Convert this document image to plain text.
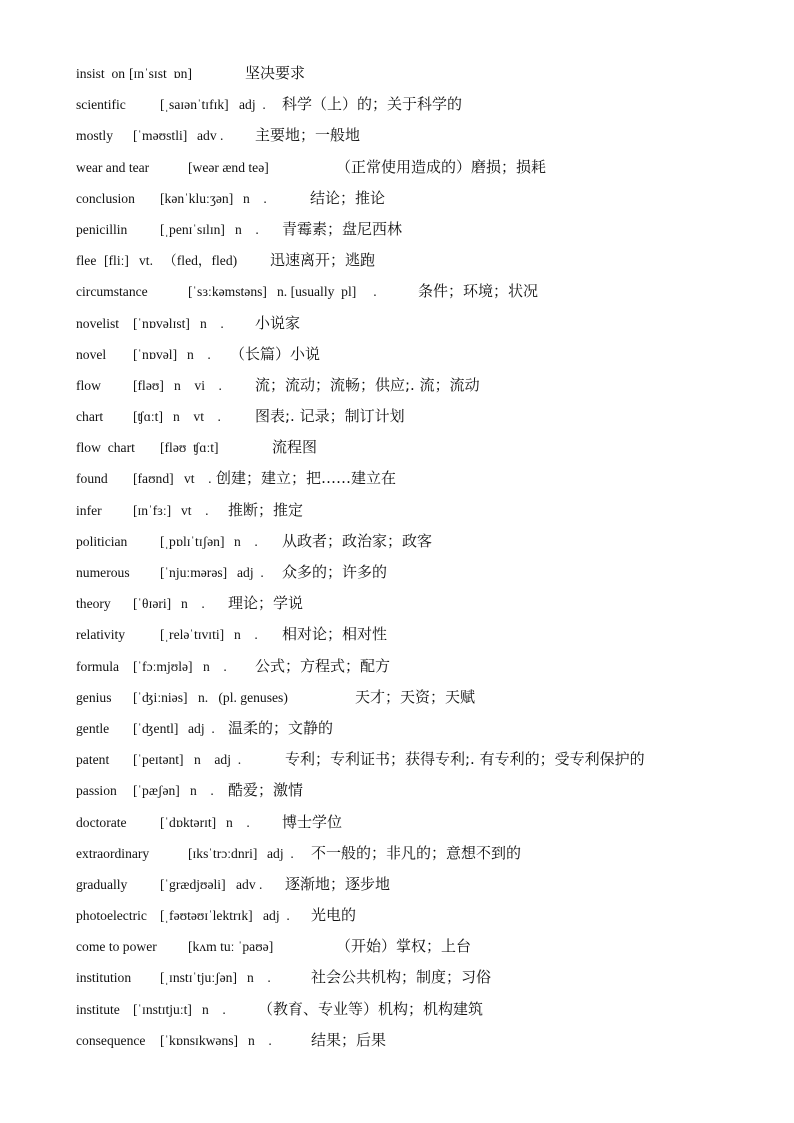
insist  on [ɪnˈsɪst  ɒn]	坚决要求
scientific	[ˌsaɪənˈtɪfɪk] adj  . 科学（上）的；关于科学的
mostly [ˈməʊstli] adv . 主要地；一般地
wear and tear	[weər ænd teə]	（正常使用造成的）磨损；损耗
conclusion [kənˈkluːʒən] n    .	结论；推论
penicillin [ˌpenɪˈsɪlɪn] n    . 青霉素；盘尼西林
flee [fliː] vt.   （fled，fled) 迅速离开；逃跑
circumstance	[ˈsɜːkəmstəns] n. [usually  pl]     .	条件；环境；状况
novelist [ˈnɒvəlɪst] n    . 小说家
novel [ˈnɒvəl] n    . （长篇）小说
flow [fləʊ] n    vi    . 流；流动；流畅；供应;. 流；流动
chart [ʧɑːt] n    vt    . 图表;. 记录；制订计划
flow  chart [fləʊ  ʧɑːt]	流程图
found [faʊnd] vt    . 创建；建立；把……建立在
infer [ɪnˈfɜː] vt    . 推断；推定
politician [ˌpɒlɪˈtɪʃən] n    . 从政者；政治家；政客
numerous [ˈnjuːmərəs] adj  . 众多的；许多的
theory [ˈθɪəri] n    . 理论；学说
relativity	[ˌreləˈtɪvɪti] n    . 相对论；相对性
formula [ˈfɔːmjʊlə] n    . 公式；方程式；配方
genius [ˈʤiːniəs] n.   (pl. genuses)	天才；天资；天赋
gentle [ˈʤentl] adj  . 温柔的；文静的
patent [ˈpeɪtənt] n    adj  .	专利；专利证书；获得专利;. 有专利的；受专利保护的
passion [ˈpæʃən] n    . 酷爱；激情
doctorate [ˈdɒktərɪt] n    . 博士学位
extraordinary	[ɪksˈtrɔːdnri] adj  . 不一般的；非凡的；意想不到的
gradually [ˈgrædjʊəli] adv . 逐渐地；逐步地
photoelectric [ˌfəʊtəʊɪˈlektrɪk] adj  . 光电的
come to power [kʌm tuː ˈpaʊə]	（开始）掌权；上台
institution [ˌɪnstɪˈtjuːʃən] n    .	社会公共机构；制度；习俗
institute [ˈɪnstɪtjuːt] n    . （教育、专业等）机构；机构建筑
consequence [ˈkɒnsɪkwəns] n    .	结果；后果
